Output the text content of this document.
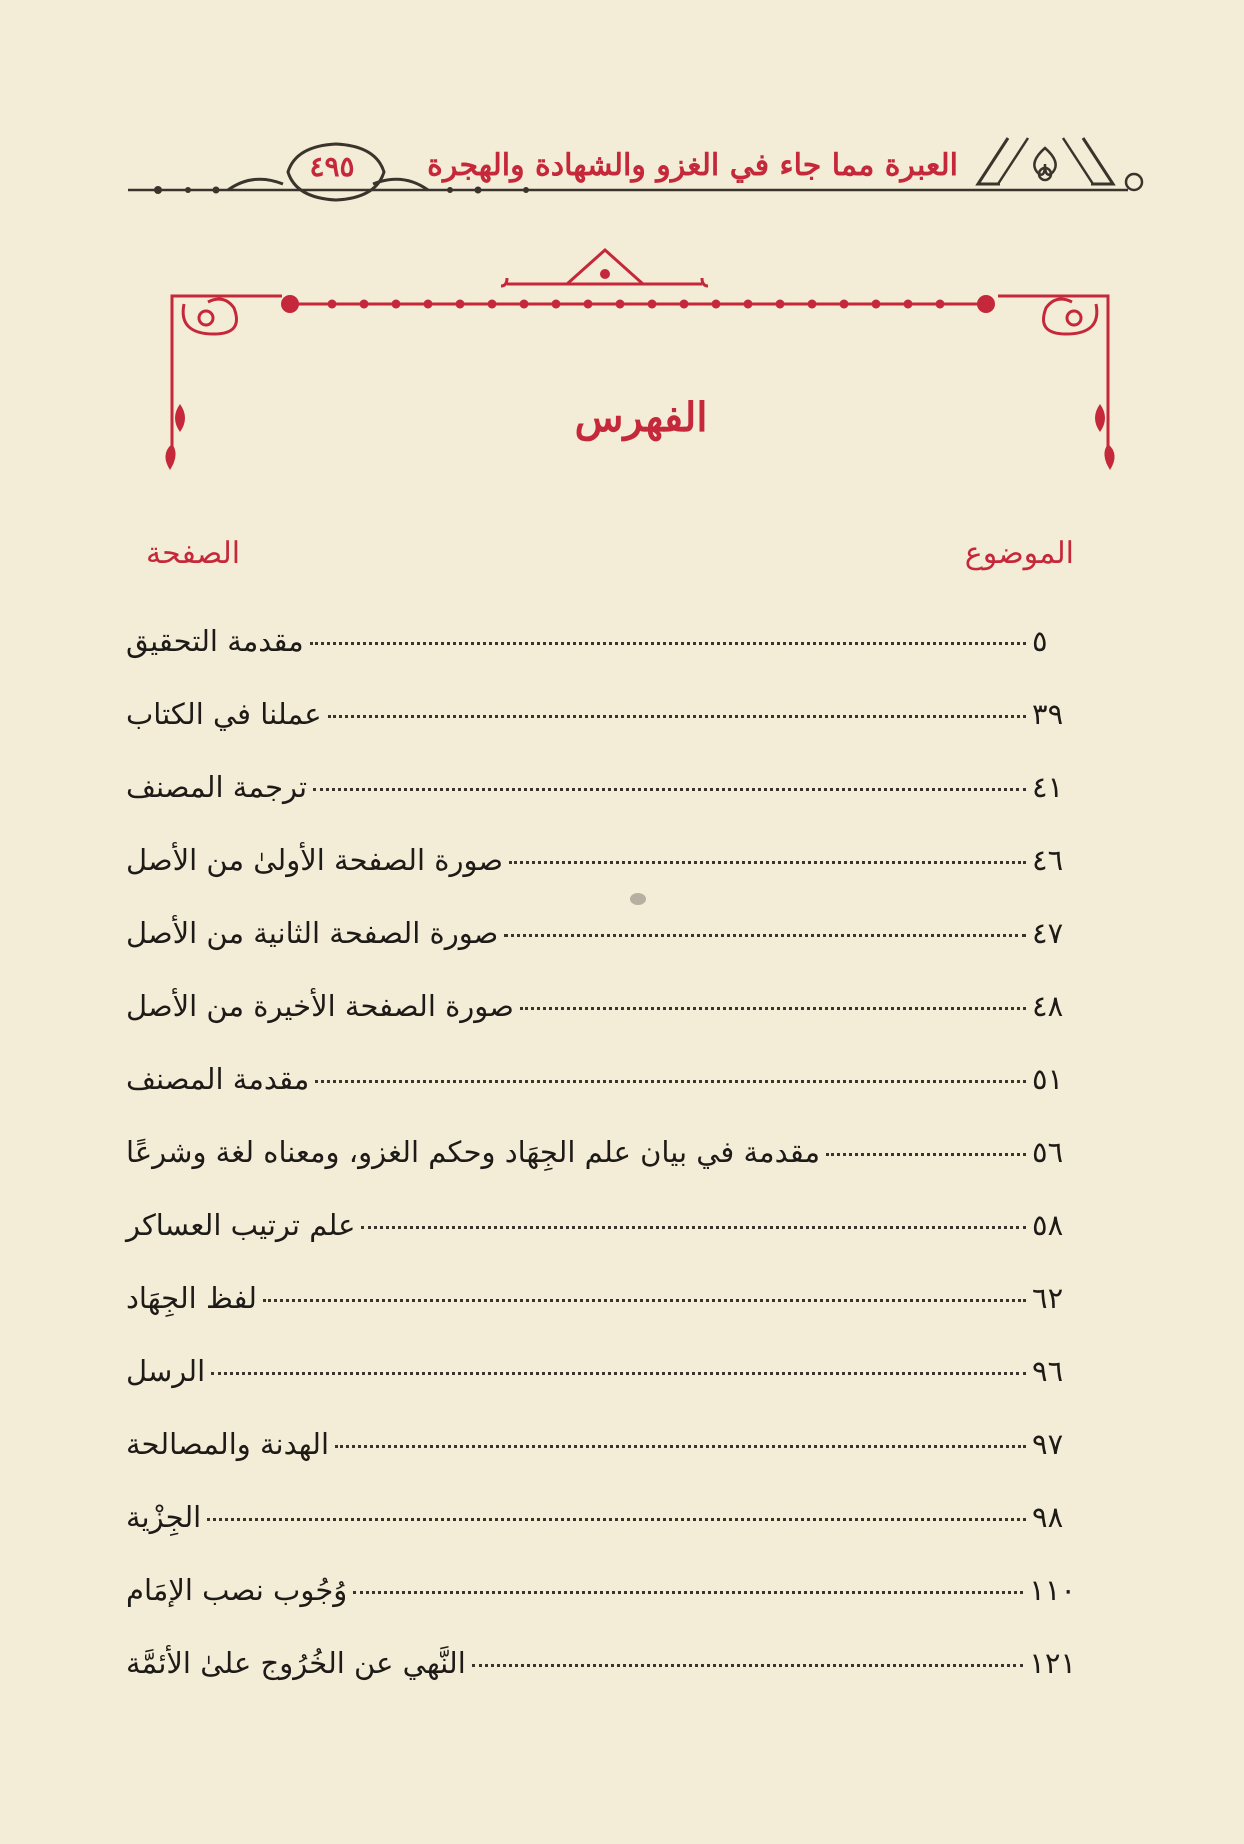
العبرة مما جاء في الغزو والشهادة والهجرة
٤٩٥
الفهرس
الموضوع
الصفحة
مقدمة التحقيق	٥
عملنا في الكتاب	٣٩
ترجمة المصنف	٤١
صورة الصفحة الأولىٰ من الأصل	٤٦
صورة الصفحة الثانية من الأصل	٤٧
صورة الصفحة الأخيرة من الأصل	٤٨
مقدمة المصنف	٥١
مقدمة في بيان علم الجِهَاد وحكم الغزو، ومعناه لغة وشرعًا	٥٦
علم ترتيب العساكر	٥٨
لفظ الجِهَاد	٦٢
الرسل	٩٦
الهدنة والمصالحة	٩٧
الجِزْية	٩٨
وُجُوب نصب الإمَام	١١٠
النَّهي عن الخُرُوج علىٰ الأئمَّة	١٢١
